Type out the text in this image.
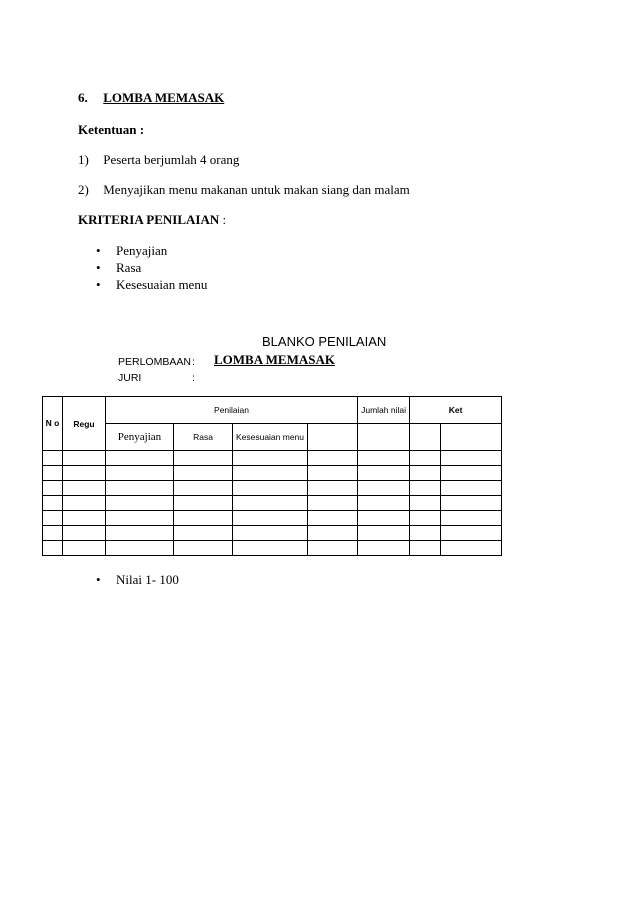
6. LOMBA MEMASAK
Ketentuan :
1) Peserta berjumlah 4 orang
2) Menyajikan menu makanan untuk makan siang dan malam
KRITERIA PENILAIAN :
• Penyajian
• Rasa
• Kesesuaian menu
BLANKO PENILAIAN
PERLOMBAAN : LOMBA MEMASAK
JURI	:
N o	Regu	Penilaian				Jumlah nilai	Ket	
		Penyajian	Rasa	Kesesuaian menu				

• Nilai 1- 100
